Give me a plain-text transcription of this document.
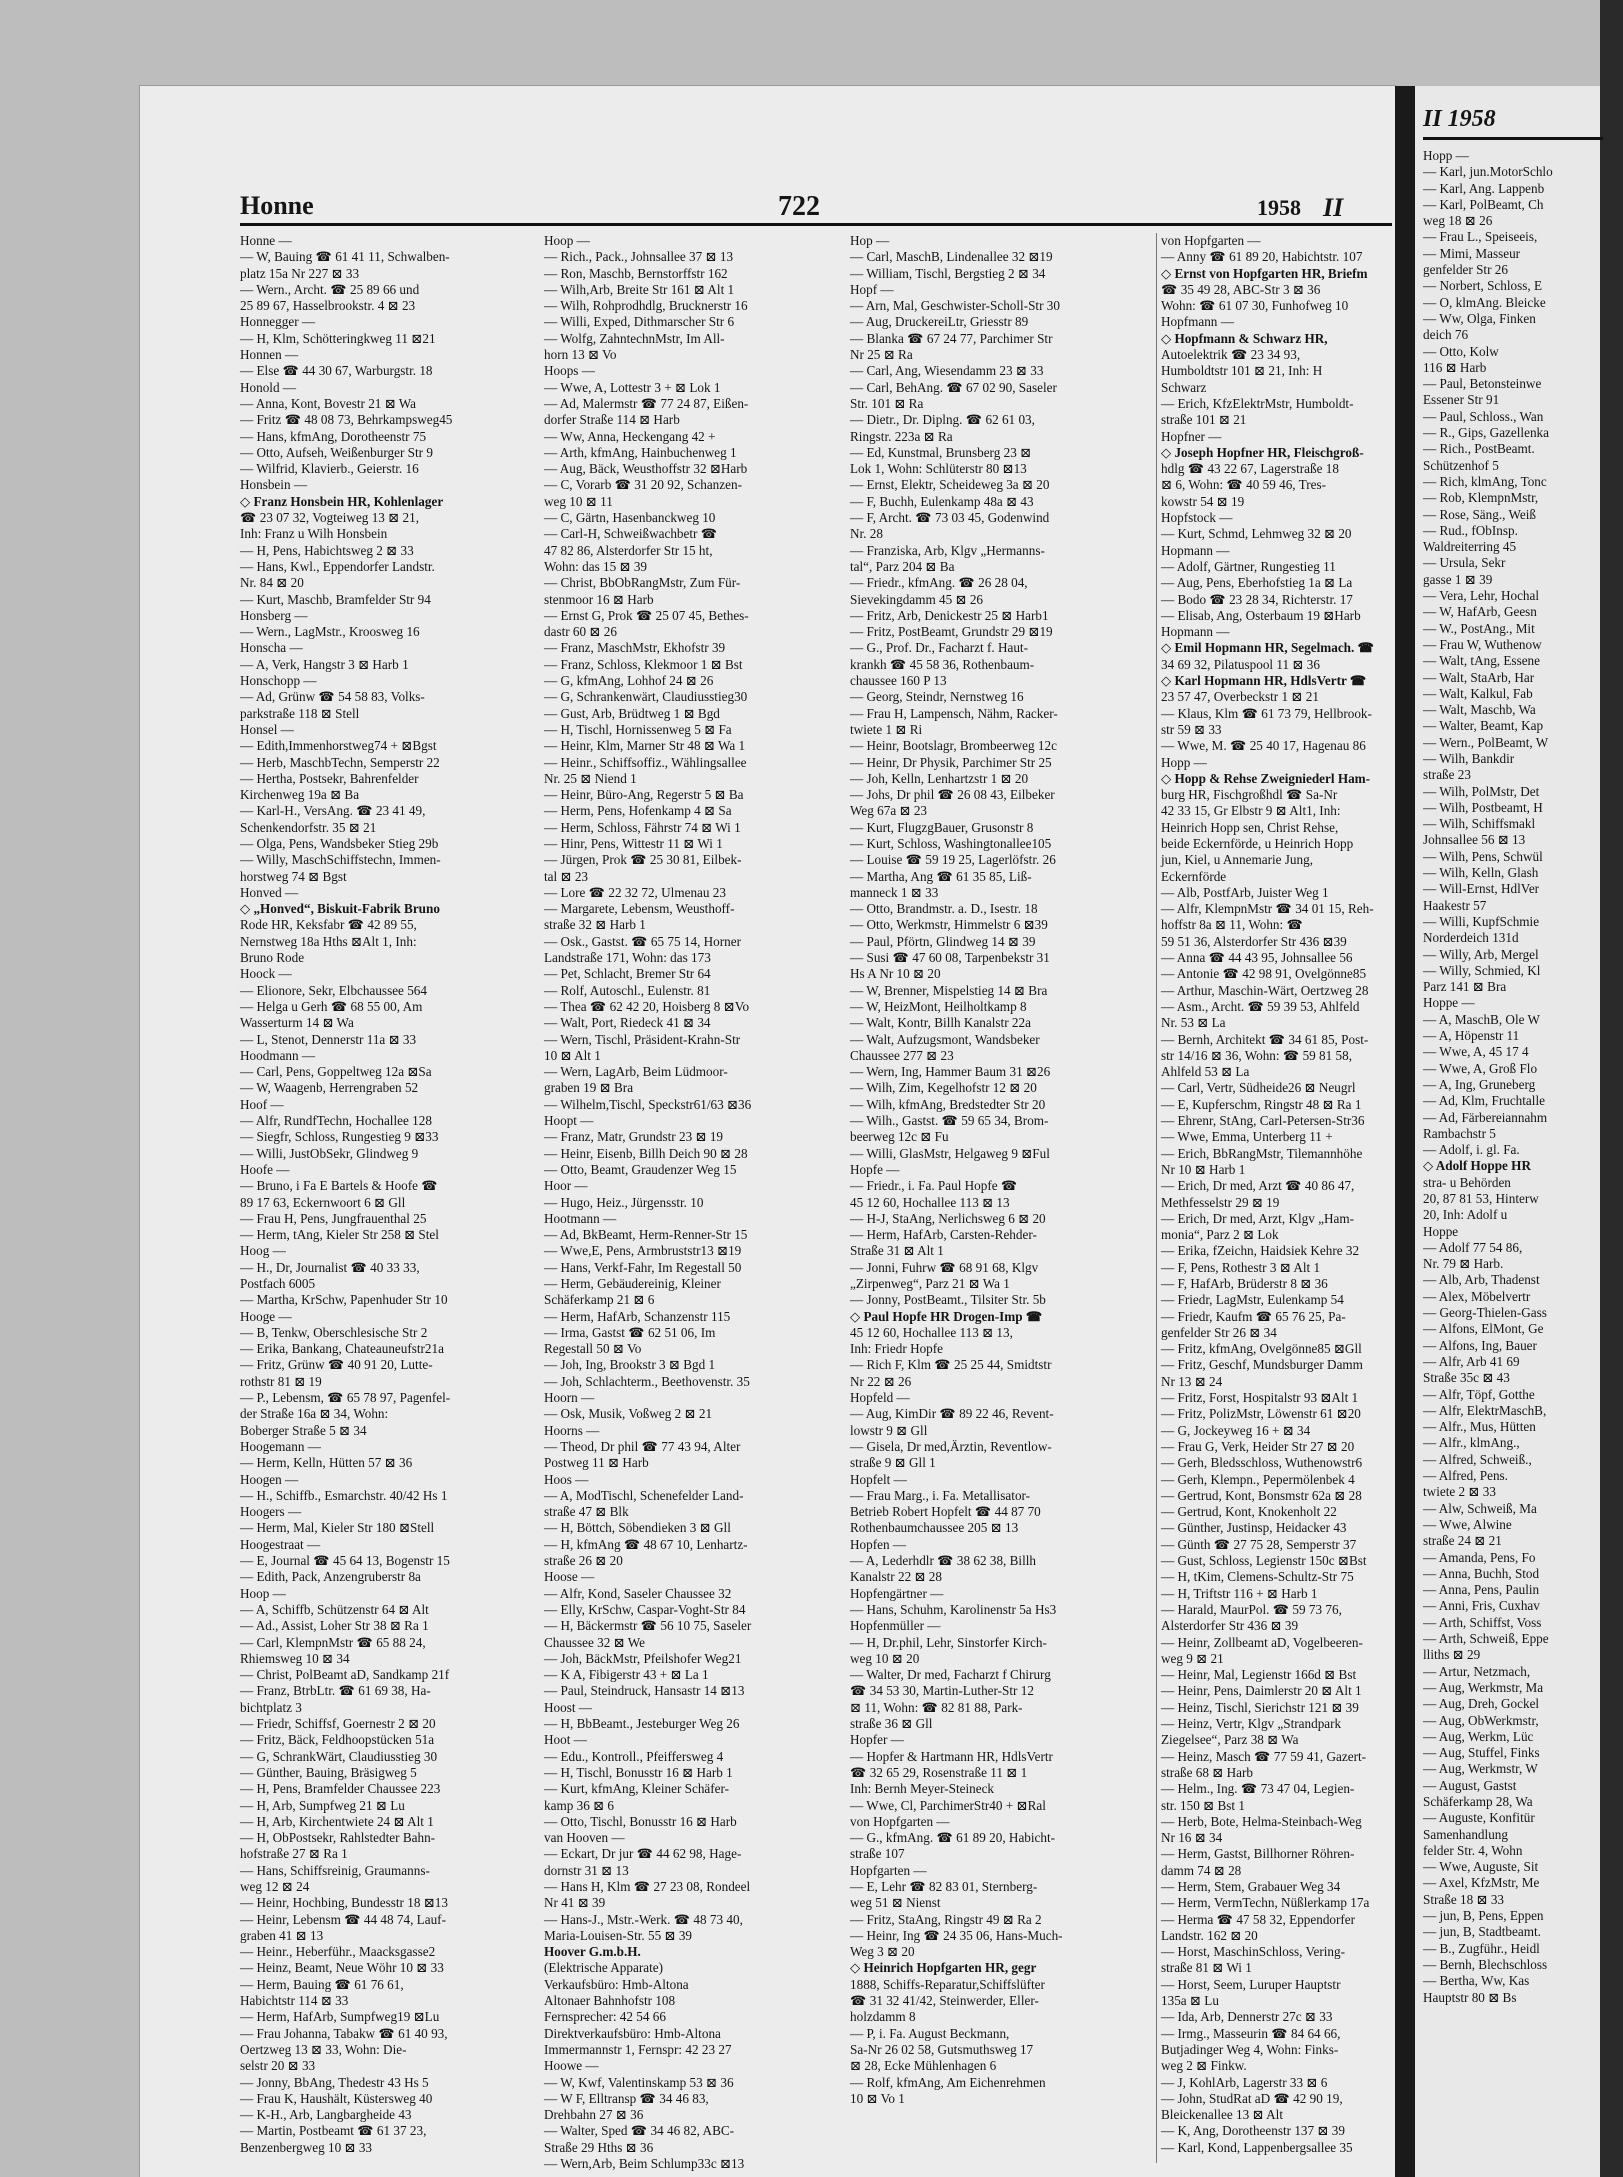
Honne	722	1958 II
Honne —
— W, Bauing ☎ 61 41 11, Schwalben-
platz 15a Nr 227 ⊠ 33
— Wern., Archt. ☎ 25 89 66 und
25 89 67, Hasselbrookstr. 4 ⊠ 23
Honnegger —
— H, Klm, Schötteringkweg 11 ⊠21
Honnen —
— Else ☎ 44 30 67, Warburgstr. 18
Honold —
— Anna, Kont, Bovestr 21 ⊠ Wa
— Fritz ☎ 48 08 73, Behrkampsweg45
— Hans, kfmAng, Dorotheenstr 75
— Otto, Aufseh, Weißenburger Str 9
— Wilfrid, Klavierb., Geierstr. 16
Honsbein —
◇ Franz Honsbein HR, Kohlenlager
☎ 23 07 32, Vogteiweg 13 ⊠ 21,
Inh: Franz u Wilh Honsbein
— H, Pens, Habichtsweg 2 ⊠ 33
— Hans, Kwl., Eppendorfer Landstr.
Nr. 84 ⊠ 20
— Kurt, Maschb, Bramfelder Str 94
Honsberg —
— Wern., LagMstr., Kroosweg 16
Honscha —
— A, Verk, Hangstr 3 ⊠ Harb 1
Honschopp —
— Ad, Grünw ☎ 54 58 83, Volks-
parkstraße 118 ⊠ Stell
Honsel —
— Edith,Immenhorstweg74 + ⊠Bgst
— Herb, MaschbTechn, Semperstr 22
— Hertha, Postsekr, Bahrenfelder
Kirchenweg 19a ⊠ Ba
— Karl-H., VersAng. ☎ 23 41 49,
Schenkendorfstr. 35 ⊠ 21
— Olga, Pens, Wandsbeker Stieg 29b
— Willy, MaschSchiffstechn, Immen-
horstweg 74 ⊠ Bgst
Honved —
◇ „Honved“, Biskuit-Fabrik Bruno
Rode HR, Keksfabr ☎ 42 89 55,
Nernstweg 18a Hths ⊠Alt 1, Inh:
Bruno Rode
Hoock —
— Elionore, Sekr, Elbchaussee 564
— Helga u Gerh ☎ 68 55 00, Am
Wasserturm 14 ⊠ Wa
— L, Stenot, Dennerstr 11a ⊠ 33
Hoodmann —
— Carl, Pens, Goppeltweg 12a ⊠Sa
— W, Waagenb, Herrengraben 52
Hoof —
— Alfr, RundfTechn, Hochallee 128
— Siegfr, Schloss, Rungestieg 9 ⊠33
— Willi, JustObSekr, Glindweg 9
Hoofe —
— Bruno, i Fa E Bartels & Hoofe ☎
89 17 63, Eckernwoort 6 ⊠ Gll
— Frau H, Pens, Jungfrauenthal 25
— Herm, tAng, Kieler Str 258 ⊠ Stel
Hoog —
— H., Dr, Journalist ☎ 40 33 33,
Postfach 6005
— Martha, KrSchw, Papenhuder Str 10
Hooge —
— B, Tenkw, Oberschlesische Str 2
— Erika, Bankang, Chateauneufstr21a
— Fritz, Grünw ☎ 40 91 20, Lutte-
rothstr 81 ⊠ 19
— P., Lebensm, ☎ 65 78 97, Pagenfel-
der Straße 16a ⊠ 34, Wohn:
Boberger Straße 5 ⊠ 34
Hoogemann —
— Herm, Kelln, Hütten 57 ⊠ 36
Hoogen —
— H., Schiffb., Esmarchstr. 40/42 Hs 1
Hoogers —
— Herm, Mal, Kieler Str 180 ⊠Stell
Hoogestraat —
— E, Journal ☎ 45 64 13, Bogenstr 15
— Edith, Pack, Anzengruberstr 8a
Hoop —
— A, Schiffb, Schützenstr 64 ⊠ Alt
— Ad., Assist, Loher Str 38 ⊠ Ra 1
— Carl, KlempnMstr ☎ 65 88 24,
Rhiemsweg 10 ⊠ 34
— Christ, PolBeamt aD, Sandkamp 21f
— Franz, BtrbLtr. ☎ 61 69 38, Ha-
bichtplatz 3
— Friedr, Schiffsf, Goernestr 2 ⊠ 20
— Fritz, Bäck, Feldhoopstücken 51a
— G, SchrankWärt, Claudiusstieg 30
— Günther, Bauing, Bräsigweg 5
— H, Pens, Bramfelder Chaussee 223
— H, Arb, Sumpfweg 21 ⊠ Lu
— H, Arb, Kirchentwiete 24 ⊠ Alt 1
— H, ObPostsekr, Rahlstedter Bahn-
hofstraße 27 ⊠ Ra 1
— Hans, Schiffsreinig, Graumanns-
weg 12 ⊠ 24
— Heinr, Hochbing, Bundesstr 18 ⊠13
— Heinr, Lebensm ☎ 44 48 74, Lauf-
graben 41 ⊠ 13
— Heinr., Heberführ., Maacksgasse2
— Heinz, Beamt, Neue Wöhr 10 ⊠ 33
— Herm, Bauing ☎ 61 76 61,
Habichtstr 114 ⊠ 33
— Herm, HafArb, Sumpfweg19 ⊠Lu
— Frau Johanna, Tabakw ☎ 61 40 93,
Oertzweg 13 ⊠ 33, Wohn: Die-
selstr 20 ⊠ 33
— Jonny, BbAng, Thedestr 43 Hs 5
— Frau K, Haushält, Küstersweg 40
— K-H., Arb, Langbargheide 43
— Martin, Postbeamt ☎ 61 37 23,
Benzenbergweg 10 ⊠ 33
Hoop —
— Rich., Pack., Johnsallee 37 ⊠ 13
— Ron, Maschb, Bernstorffstr 162
— Wilh,Arb, Breite Str 161 ⊠ Alt 1
— Wilh, Rohprodhdlg, Brucknerstr 16
— Willi, Exped, Dithmarscher Str 6
— Wolfg, ZahntechnMstr, Im All-
horn 13 ⊠ Vo
Hoops —
— Wwe, A, Lottestr 3 + ⊠ Lok 1
— Ad, Malermstr ☎ 77 24 87, Eißen-
dorfer Straße 114 ⊠ Harb
— Ww, Anna, Heckengang 42 +
— Arth, kfmAng, Hainbuchenweg 1
— Aug, Bäck, Weusthoffstr 32 ⊠Harb
— C, Vorarb ☎ 31 20 92, Schanzen-
weg 10 ⊠ 11
— C, Gärtn, Hasenbanckweg 10
— Carl-H, Schweißwachbetr ☎
47 82 86, Alsterdorfer Str 15 ht,
Wohn: das 15 ⊠ 39
— Christ, BbObRangMstr, Zum Für-
stenmoor 16 ⊠ Harb
— Ernst G, Prok ☎ 25 07 45, Bethes-
dastr 60 ⊠ 26
— Franz, MaschMstr, Ekhofstr 39
— Franz, Schloss, Klekmoor 1 ⊠ Bst
— G, kfmAng, Lohhof 24 ⊠ 26
— G, Schrankenwärt, Claudiusstieg30
— Gust, Arb, Brüdtweg 1 ⊠ Bgd
— H, Tischl, Hornissenweg 5 ⊠ Fa
— Heinr, Klm, Marner Str 48 ⊠ Wa 1
— Heinr., Schiffsoffiz., Wählingsallee
Nr. 25 ⊠ Niend 1
— Heinr, Büro-Ang, Regerstr 5 ⊠ Ba
— Herm, Pens, Hofenkamp 4 ⊠ Sa
— Herm, Schloss, Fährstr 74 ⊠ Wi 1
— Hinr, Pens, Wittestr 11 ⊠ Wi 1
— Jürgen, Prok ☎ 25 30 81, Eilbek-
tal ⊠ 23
— Lore ☎ 22 32 72, Ulmenau 23
— Margarete, Lebensm, Weusthoff-
straße 32 ⊠ Harb 1
— Osk., Gastst. ☎ 65 75 14, Horner
Landstraße 171, Wohn: das 173
— Pet, Schlacht, Bremer Str 64
— Rolf, Autoschl., Eulenstr. 81
— Thea ☎ 62 42 20, Hoisberg 8 ⊠Vo
— Walt, Port, Riedeck 41 ⊠ 34
— Wern, Tischl, Präsident-Krahn-Str
10 ⊠ Alt 1
— Wern, LagArb, Beim Lüdmoor-
graben 19 ⊠ Bra
— Wilhelm,Tischl, Speckstr61/63 ⊠36
Hoopt —
— Franz, Matr, Grundstr 23 ⊠ 19
— Heinr, Eisenb, Billh Deich 90 ⊠ 28
— Otto, Beamt, Graudenzer Weg 15
Hoor —
— Hugo, Heiz., Jürgensstr. 10
Hootmann —
— Ad, BkBeamt, Herm-Renner-Str 15
— Wwe,E, Pens, Armbruststr13 ⊠19
— Hans, Verkf-Fahr, Im Regestall 50
— Herm, Gebäudereinig, Kleiner
Schäferkamp 21 ⊠ 6
— Herm, HafArb, Schanzenstr 115
— Irma, Gastst ☎ 62 51 06, Im
Regestall 50 ⊠ Vo
— Joh, Ing, Brookstr 3 ⊠ Bgd 1
— Joh, Schlachterm., Beethovenstr. 35
Hoorn —
— Osk, Musik, Voßweg 2 ⊠ 21
Hoorns —
— Theod, Dr phil ☎ 77 43 94, Alter
Postweg 11 ⊠ Harb
Hoos —
— A, ModTischl, Schenefelder Land-
straße 47 ⊠ Blk
— H, Böttch, Söbendieken 3 ⊠ Gll
— H, kfmAng ☎ 48 67 10, Lenhartz-
straße 26 ⊠ 20
Hoose —
— Alfr, Kond, Saseler Chaussee 32
— Elly, KrSchw, Caspar-Voght-Str 84
— H, Bäckermstr ☎ 56 10 75, Saseler
Chaussee 32 ⊠ We
— Joh, BäckMstr, Pfeilshofer Weg21
— K A, Fibigerstr 43 + ⊠ La 1
— Paul, Steindruck, Hansastr 14 ⊠13
Hoost —
— H, BbBeamt., Jesteburger Weg 26
Hoot —
— Edu., Kontroll., Pfeiffersweg 4
— H, Tischl, Bonusstr 16 ⊠ Harb 1
— Kurt, kfmAng, Kleiner Schäfer-
kamp 36 ⊠ 6
— Otto, Tischl, Bonusstr 16 ⊠ Harb
van Hooven —
— Eckart, Dr jur ☎ 44 62 98, Hage-
dornstr 31 ⊠ 13
— Hans H, Klm ☎ 27 23 08, Rondeel
Nr 41 ⊠ 39
— Hans-J., Mstr.-Werk. ☎ 48 73 40,
Maria-Louisen-Str. 55 ⊠ 39
Hoover G.m.b.H.
(Elektrische Apparate)
Verkaufsbüro: Hmb-Altona
Altonaer Bahnhofstr 108
Fernsprecher: 42 54 66
Direktverkaufsbüro: Hmb-Altona
Immermannstr 1, Fernspr: 42 23 27
Hoowe —
— W, Kwf, Valentinskamp 53 ⊠ 36
— W F, Elltransp ☎ 34 46 83,
Drehbahn 27 ⊠ 36
— Walter, Sped ☎ 34 46 82, ABC-
Straße 29 Hths ⊠ 36
— Wern,Arb, Beim Schlump33c ⊠13
Hop —
— Carl, MaschB, Lindenallee 32 ⊠19
— William, Tischl, Bergstieg 2 ⊠ 34
Hopf —
— Arn, Mal, Geschwister-Scholl-Str 30
— Aug, DruckereiLtr, Griesstr 89
— Blanka ☎ 67 24 77, Parchimer Str
Nr 25 ⊠ Ra
— Carl, Ang, Wiesendamm 23 ⊠ 33
— Carl, BehAng. ☎ 67 02 90, Saseler
Str. 101 ⊠ Ra
— Dietr., Dr. Diplng. ☎ 62 61 03,
Ringstr. 223a ⊠ Ra
— Ed, Kunstmal, Brunsberg 23 ⊠
Lok 1, Wohn: Schlüterstr 80 ⊠13
— Ernst, Elektr, Scheideweg 3a ⊠ 20
— F, Buchh, Eulenkamp 48a ⊠ 43
— F, Archt. ☎ 73 03 45, Godenwind
Nr. 28
— Franziska, Arb, Klgv „Hermanns-
tal“, Parz 204 ⊠ Ba
— Friedr., kfmAng. ☎ 26 28 04,
Sievekingdamm 45 ⊠ 26
— Fritz, Arb, Denickestr 25 ⊠ Harb1
— Fritz, PostBeamt, Grundstr 29 ⊠19
— G., Prof. Dr., Facharzt f. Haut-
krankh ☎ 45 58 36, Rothenbaum-
chaussee 160 P 13
— Georg, Steindr, Nernstweg 16
— Frau H, Lampensch, Nähm, Racker-
twiete 1 ⊠ Ri
— Heinr, Bootslagr, Brombeerweg 12c
— Heinr, Dr Physik, Parchimer Str 25
— Joh, Kelln, Lenhartzstr 1 ⊠ 20
— Johs, Dr phil ☎ 26 08 43, Eilbeker
Weg 67a ⊠ 23
— Kurt, FlugzgBauer, Grusonstr 8
— Kurt, Schloss, Washingtonallee105
— Louise ☎ 59 19 25, Lagerlöfstr. 26
— Martha, Ang ☎ 61 35 85, Liß-
manneck 1 ⊠ 33
— Otto, Brandmstr. a. D., Isestr. 18
— Otto, Werkmstr, Himmelstr 6 ⊠39
— Paul, Pförtn, Glindweg 14 ⊠ 39
— Susi ☎ 47 60 08, Tarpenbekstr 31
Hs A Nr 10 ⊠ 20
— W, Brenner, Mispelstieg 14 ⊠ Bra
— W, HeizMont, Heilholtkamp 8
— Walt, Kontr, Billh Kanalstr 22a
— Walt, Aufzugsmont, Wandsbeker
Chaussee 277 ⊠ 23
— Wern, Ing, Hammer Baum 31 ⊠26
— Wilh, Zim, Kegelhofstr 12 ⊠ 20
— Wilh, kfmAng, Bredstedter Str 20
— Wilh., Gastst. ☎ 59 65 34, Brom-
beerweg 12c ⊠ Fu
— Willi, GlasMstr, Helgaweg 9 ⊠Ful
Hopfe —
— Friedr., i. Fa. Paul Hopfe ☎
45 12 60, Hochallee 113 ⊠ 13
— H-J, StaAng, Nerlichsweg 6 ⊠ 20
— Herm, HafArb, Carsten-Rehder-
Straße 31 ⊠ Alt 1
— Jonni, Fuhrw ☎ 68 91 68, Klgv
„Zirpenweg“, Parz 21 ⊠ Wa 1
— Jonny, PostBeamt., Tilsiter Str. 5b
◇ Paul Hopfe HR Drogen-Imp ☎
45 12 60, Hochallee 113 ⊠ 13,
Inh: Friedr Hopfe
— Rich F, Klm ☎ 25 25 44, Smidtstr
Nr 22 ⊠ 26
Hopfeld —
— Aug, KimDir ☎ 89 22 46, Revent-
lowstr 9 ⊠ Gll
— Gisela, Dr med,Ärztin, Reventlow-
straße 9 ⊠ Gll 1
Hopfelt —
— Frau Marg., i. Fa. Metallisator-
Betrieb Robert Hopfelt ☎ 44 87 70
Rothenbaumchaussee 205 ⊠ 13
Hopfen —
— A, Lederhdlr ☎ 38 62 38, Billh
Kanalstr 22 ⊠ 28
Hopfengärtner —
— Hans, Schuhm, Karolinenstr 5a Hs3
Hopfenmüller —
— H, Dr.phil, Lehr, Sinstorfer Kirch-
weg 10 ⊠ 20
— Walter, Dr med, Facharzt f Chirurg
☎ 34 53 30, Martin-Luther-Str 12
⊠ 11, Wohn: ☎ 82 81 88, Park-
straße 36 ⊠ Gll
Hopfer —
— Hopfer & Hartmann HR, HdlsVertr
☎ 32 65 29, Rosenstraße 11 ⊠ 1
Inh: Bernh Meyer-Steineck
— Wwe, Cl, ParchimerStr40 + ⊠Ral
von Hopfgarten —
— G., kfmAng. ☎ 61 89 20, Habicht-
straße 107
Hopfgarten —
— E, Lehr ☎ 82 83 01, Sternberg-
weg 51 ⊠ Nienst
— Fritz, StaAng, Ringstr 49 ⊠ Ra 2
— Heinr, Ing ☎ 24 35 06, Hans-Much-
Weg 3 ⊠ 20
◇ Heinrich Hopfgarten HR, gegr
1888, Schiffs-Reparatur,Schiffslüfter
☎ 31 32 41/42, Steinwerder, Eller-
holzdamm 8
— P, i. Fa. August Beckmann,
Sa-Nr 26 02 58, Gutsmuthsweg 17
⊠ 28, Ecke Mühlenhagen 6
— Rolf, kfmAng, Am Eichenrehmen
10 ⊠ Vo 1
von Hopfgarten —
— Anny ☎ 61 89 20, Habichtstr. 107
◇ Ernst von Hopfgarten HR, Briefm
☎ 35 49 28, ABC-Str 3 ⊠ 36
Wohn: ☎ 61 07 30, Funhofweg 10
Hopfmann —
◇ Hopfmann & Schwarz HR,
Autoelektrik ☎ 23 34 93,
Humboldtstr 101 ⊠ 21, Inh: H
Schwarz
— Erich, KfzElektrMstr, Humboldt-
straße 101 ⊠ 21
Hopfner —
◇ Joseph Hopfner HR, Fleischgroß-
hdlg ☎ 43 22 67, Lagerstraße 18
⊠ 6, Wohn: ☎ 40 59 46, Tres-
kowstr 54 ⊠ 19
Hopfstock —
— Kurt, Schmd, Lehmweg 32 ⊠ 20
Hopmann —
— Adolf, Gärtner, Rungestieg 11
— Aug, Pens, Eberhofstieg 1a ⊠ La
— Bodo ☎ 23 28 34, Richterstr. 17
— Elisab, Ang, Osterbaum 19 ⊠Harb
Hopmann —
◇ Emil Hopmann HR, Segelmach. ☎
34 69 32, Pilatuspool 11 ⊠ 36
◇ Karl Hopmann HR, HdlsVertr ☎
23 57 47, Overbeckstr 1 ⊠ 21
— Klaus, Klm ☎ 61 73 79, Hellbrook-
str 59 ⊠ 33
— Wwe, M. ☎ 25 40 17, Hagenau 86
Hopp —
◇ Hopp & Rehse Zweigniederl Ham-
burg HR, Fischgroßhdl ☎ Sa-Nr
42 33 15, Gr Elbstr 9 ⊠ Alt1, Inh:
Heinrich Hopp sen, Christ Rehse,
beide Eckernförde, u Heinrich Hopp
jun, Kiel, u Annemarie Jung,
Eckernförde
— Alb, PostfArb, Juister Weg 1
— Alfr, KlempnMstr ☎ 34 01 15, Reh-
hoffstr 8a ⊠ 11, Wohn: ☎
59 51 36, Alsterdorfer Str 436 ⊠39
— Anna ☎ 44 43 95, Johnsallee 56
— Antonie ☎ 42 98 91, Ovelgönne85
— Arthur, Maschin-Wärt, Oertzweg 28
— Asm., Archt. ☎ 59 39 53, Ahlfeld
Nr. 53 ⊠ La
— Bernh, Architekt ☎ 34 61 85, Post-
str 14/16 ⊠ 36, Wohn: ☎ 59 81 58,
Ahlfeld 53 ⊠ La
— Carl, Vertr, Südheide26 ⊠ Neugrl
— E, Kupferschm, Ringstr 48 ⊠ Ra 1
— Ehrenr, StAng, Carl-Petersen-Str36
— Wwe, Emma, Unterberg 11 +
— Erich, BbRangMstr, Tilemannhöhe
Nr 10 ⊠ Harb 1
— Erich, Dr med, Arzt ☎ 40 86 47,
Methfesselstr 29 ⊠ 19
— Erich, Dr med, Arzt, Klgv „Ham-
monia“, Parz 2 ⊠ Lok
— Erika, fZeichn, Haidsiek Kehre 32
— F, Pens, Rothestr 3 ⊠ Alt 1
— F, HafArb, Brüderstr 8 ⊠ 36
— Friedr, LagMstr, Eulenkamp 54
— Friedr, Kaufm ☎ 65 76 25, Pa-
genfelder Str 26 ⊠ 34
— Fritz, kfmAng, Ovelgönne85 ⊠Gll
— Fritz, Geschf, Mundsburger Damm
Nr 13 ⊠ 24
— Fritz, Forst, Hospitalstr 93 ⊠Alt 1
— Fritz, PolizMstr, Löwenstr 61 ⊠20
— G, Jockeyweg 16 + ⊠ 34
— Frau G, Verk, Heider Str 27 ⊠ 20
— Gerh, Bledsschloss, Wuthenowstr6
— Gerh, Klempn., Pepermölenbek 4
— Gertrud, Kont, Bonsmstr 62a ⊠ 28
— Gertrud, Kont, Knokenholt 22
— Günther, Justinsp, Heidacker 43
— Günth ☎ 27 75 28, Semperstr 37
— Gust, Schloss, Legienstr 150c ⊠Bst
— H, tKim, Clemens-Schultz-Str 75
— H, Triftstr 116 + ⊠ Harb 1
— Harald, MaurPol. ☎ 59 73 76,
Alsterdorfer Str 436 ⊠ 39
— Heinr, Zollbeamt aD, Vogelbeeren-
weg 9 ⊠ 21
— Heinr, Mal, Legienstr 166d ⊠ Bst
— Heinr, Pens, Daimlerstr 20 ⊠ Alt 1
— Heinz, Tischl, Sierichstr 121 ⊠ 39
— Heinz, Vertr, Klgv „Strandpark
Ziegelsee“, Parz 38 ⊠ Wa
— Heinz, Masch ☎ 77 59 41, Gazert-
straße 68 ⊠ Harb
— Helm., Ing. ☎ 73 47 04, Legien-
str. 150 ⊠ Bst 1
— Herb, Bote, Helma-Steinbach-Weg
Nr 16 ⊠ 34
— Herm, Gastst, Billhorner Röhren-
damm 74 ⊠ 28
— Herm, Stem, Grabauer Weg 34
— Herm, VermTechn, Nüßlerkamp 17a
— Herma ☎ 47 58 32, Eppendorfer
Landstr. 162 ⊠ 20
— Horst, MaschinSchloss, Vering-
straße 81 ⊠ Wi 1
— Horst, Seem, Luruper Hauptstr
135a ⊠ Lu
— Ida, Arb, Dennerstr 27c ⊠ 33
— Irmg., Masseurin ☎ 84 64 66,
Butjadinger Weg 4, Wohn: Finks-
weg 2 ⊠ Finkw.
— J, KohlArb, Lagerstr 33 ⊠ 6
— John, StudRat aD ☎ 42 90 19,
Bleickenallee 13 ⊠ Alt
— K, Ang, Dorotheenstr 137 ⊠ 39
— Karl, Kond, Lappenbergsallee 35
II 1958
Hopp —
— Karl, jun.MotorSchlo
— Karl, Ang. Lappenb
— Karl, PolBeamt, Ch
weg 18 ⊠ 26
— Frau L., Speiseeis,
— Mimi, Masseur
genfelder Str 26
— Norbert, Schloss, E
— O, klmAng. Bleicke
— Ww, Olga, Finken
deich 76
— Otto, Kolw
116 ⊠ Harb
— Paul, Betonsteinwe
Essener Str 91
— Paul, Schloss., Wan
— R., Gips, Gazellenka
— Rich., PostBeamt.
Schützenhof 5
— Rich, klmAng, Tonc
— Rob, KlempnMstr,
— Rose, Säng., Weiß
— Rud., fObInsp.
Waldreiterring 45
— Ursula, Sekr
gasse 1 ⊠ 39
— Vera, Lehr, Hochal
— W, HafArb, Geesn
— W., PostAng., Mit
— Frau W, Wuthenow
— Walt, tAng, Essene
— Walt, StaArb, Har
— Walt, Kalkul, Fab
— Walt, Maschb, Wa
— Walter, Beamt, Kap
— Wern., PolBeamt, W
— Wilh, Bankdir
straße 23
— Wilh, PolMstr, Det
— Wilh, Postbeamt, H
— Wilh, Schiffsmakl
Johnsallee 56 ⊠ 13
— Wilh, Pens, Schwül
— Wilh, Kelln, Glash
— Will-Ernst, HdlVer
Haakestr 57
— Willi, KupfSchmie
Norderdeich 131d
— Willy, Arb, Mergel
— Willy, Schmied, Kl
Parz 141 ⊠ Bra
Hoppe —
— A, MaschB, Ole W
— A, Höpenstr 11
— Wwe, A, 45 17 4
— Wwe, A, Groß Flo
— A, Ing, Gruneberg
— Ad, Klm, Fruchtalle
— Ad, Färbereiannahm
Rambachstr 5
— Adolf, i. gl. Fa.
◇ Adolf Hoppe HR
stra- u Behörden
20, 87 81 53, Hinterw
20, Inh: Adolf u
Hoppe
— Adolf 77 54 86,
Nr. 79 ⊠ Harb.
— Alb, Arb, Thadenst
— Alex, Möbelvertr
— Georg-Thielen-Gass
— Alfons, ElMont, Ge
— Alfons, Ing, Bauer
— Alfr, Arb 41 69
Straße 35c ⊠ 43
— Alfr, Töpf, Gotthe
— Alfr, ElektrMaschB,
— Alfr., Mus, Hütten
— Alfr., klmAng.,
— Alfred, Schweiß.,
— Alfred, Pens.
twiete 2 ⊠ 33
— Alw, Schweiß, Ma
— Wwe, Alwine
straße 24 ⊠ 21
— Amanda, Pens, Fo
— Anna, Buchh, Stod
— Anna, Pens, Paulin
— Anni, Fris, Cuxhav
— Arth, Schiffst, Voss
— Arth, Schweiß, Eppe
lliths ⊠ 29
— Artur, Netzmach,
— Aug, Werkmstr, Ma
— Aug, Dreh, Gockel
— Aug, ObWerkmstr,
— Aug, Werkm, Lüc
— Aug, Stuffel, Finks
— Aug, Werkmstr, W
— August, Gastst
Schäferkamp 28, Wa
— Auguste, Konfitür
Samenhandlung
felder Str. 4, Wohn
— Wwe, Auguste, Sit
— Axel, KfzMstr, Me
Straße 18 ⊠ 33
— jun, B, Pens, Eppen
— jun, B, Stadtbeamt.
— B., Zugführ., Heidl
— Bernh, Blechschloss
— Bertha, Ww, Kas
Hauptstr 80 ⊠ Bs
